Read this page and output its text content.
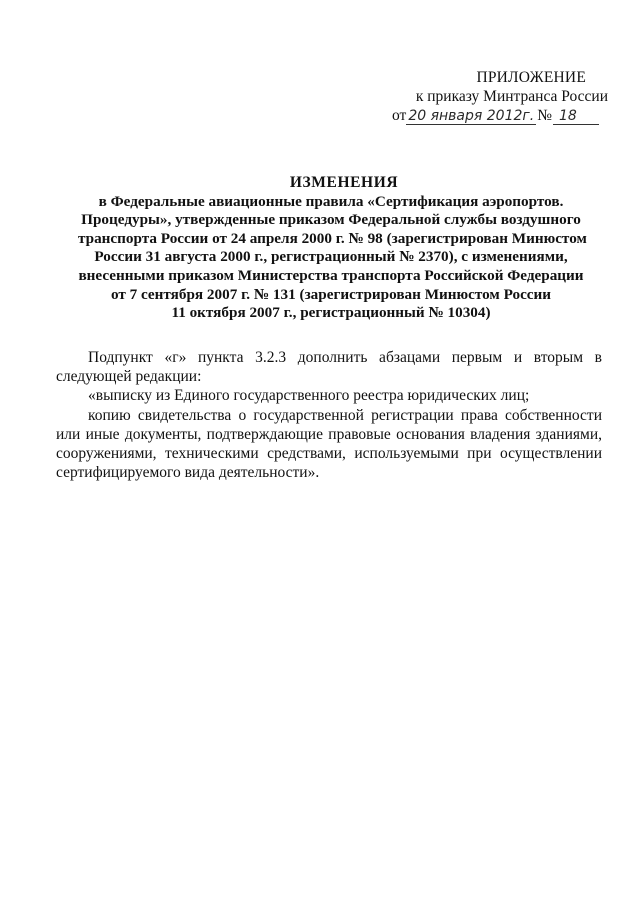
ПРИЛОЖЕНИЕ
к приказу Минтранса России
от 20 января 2012г. № 18
ИЗМЕНЕНИЯ
в Федеральные авиационные правила «Сертификация аэропортов.
Процедуры», утвержденные приказом Федеральной службы воздушного
транспорта России от 24 апреля 2000 г. № 98 (зарегистрирован Минюстом
России 31 августа 2000 г., регистрационный № 2370), с изменениями,
внесенными приказом Министерства транспорта Российской Федерации
от 7 сентября 2007 г. № 131 (зарегистрирован Минюстом России
11 октября 2007 г., регистрационный № 10304)

Подпункт «г» пункта 3.2.3 дополнить абзацами первым и вторым в следующей редакции:

«выписку из Единого государственного реестра юридических лиц;

копию свидетельства о государственной регистрации права собственности или иные документы, подтверждающие правовые основания владения зданиями, сооружениями, техническими средствами, используемыми при осуществлении сертифицируемого вида деятельности».
